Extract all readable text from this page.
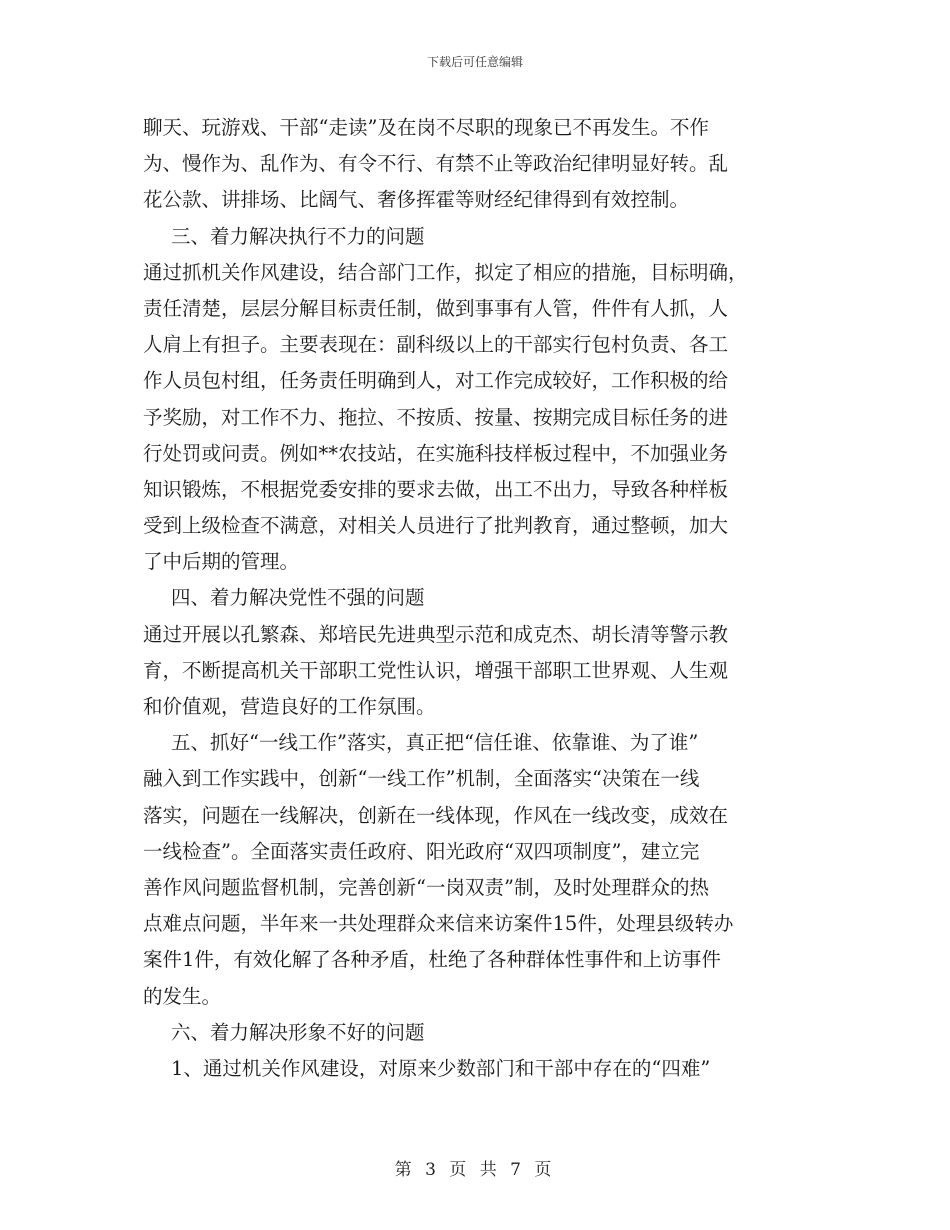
下载后可任意编辑
聊天、玩游戏、干部“走读”及在岗不尽职的现象已不再发生。不作
为、慢作为、乱作为、有令不行、有禁不止等政治纪律明显好转。乱
花公款、讲排场、比阔气、奢侈挥霍等财经纪律得到有效控制。
三、着力解决执行不力的问题
通过抓机关作风建设，结合部门工作，拟定了相应的措施，目标明确，
责任清楚，层层分解目标责任制，做到事事有人管，件件有人抓，人
人肩上有担子。主要表现在：副科级以上的干部实行包村负责、各工
作人员包村组，任务责任明确到人，对工作完成较好，工作积极的给
予奖励，对工作不力、拖拉、不按质、按量、按期完成目标任务的进
行处罚或问责。例如**农技站，在实施科技样板过程中，不加强业务
知识锻炼，不根据党委安排的要求去做，出工不出力，导致各种样板
受到上级检查不满意，对相关人员进行了批判教育，通过整顿，加大
了中后期的管理。
四、着力解决党性不强的问题
通过开展以孔繁森、郑培民先进典型示范和成克杰、胡长清等警示教
育，不断提高机关干部职工党性认识，增强干部职工世界观、人生观
和价值观，营造良好的工作氛围。
五、抓好“一线工作”落实，真正把“信任谁、依靠谁、为了谁”
融入到工作实践中，创新“一线工作”机制，全面落实“决策在一线
落实，问题在一线解决，创新在一线体现，作风在一线改变，成效在
一线检查”。全面落实责任政府、阳光政府“双四项制度”，建立完
善作风问题监督机制，完善创新“一岗双责”制，及时处理群众的热
点难点问题，半年来一共处理群众来信来访案件15件，处理县级转办
案件1件，有效化解了各种矛盾，杜绝了各种群体性事件和上访事件
的发生。
六、着力解决形象不好的问题
1、通过机关作风建设，对原来少数部门和干部中存在的“四难”
第 3 页 共 7 页
